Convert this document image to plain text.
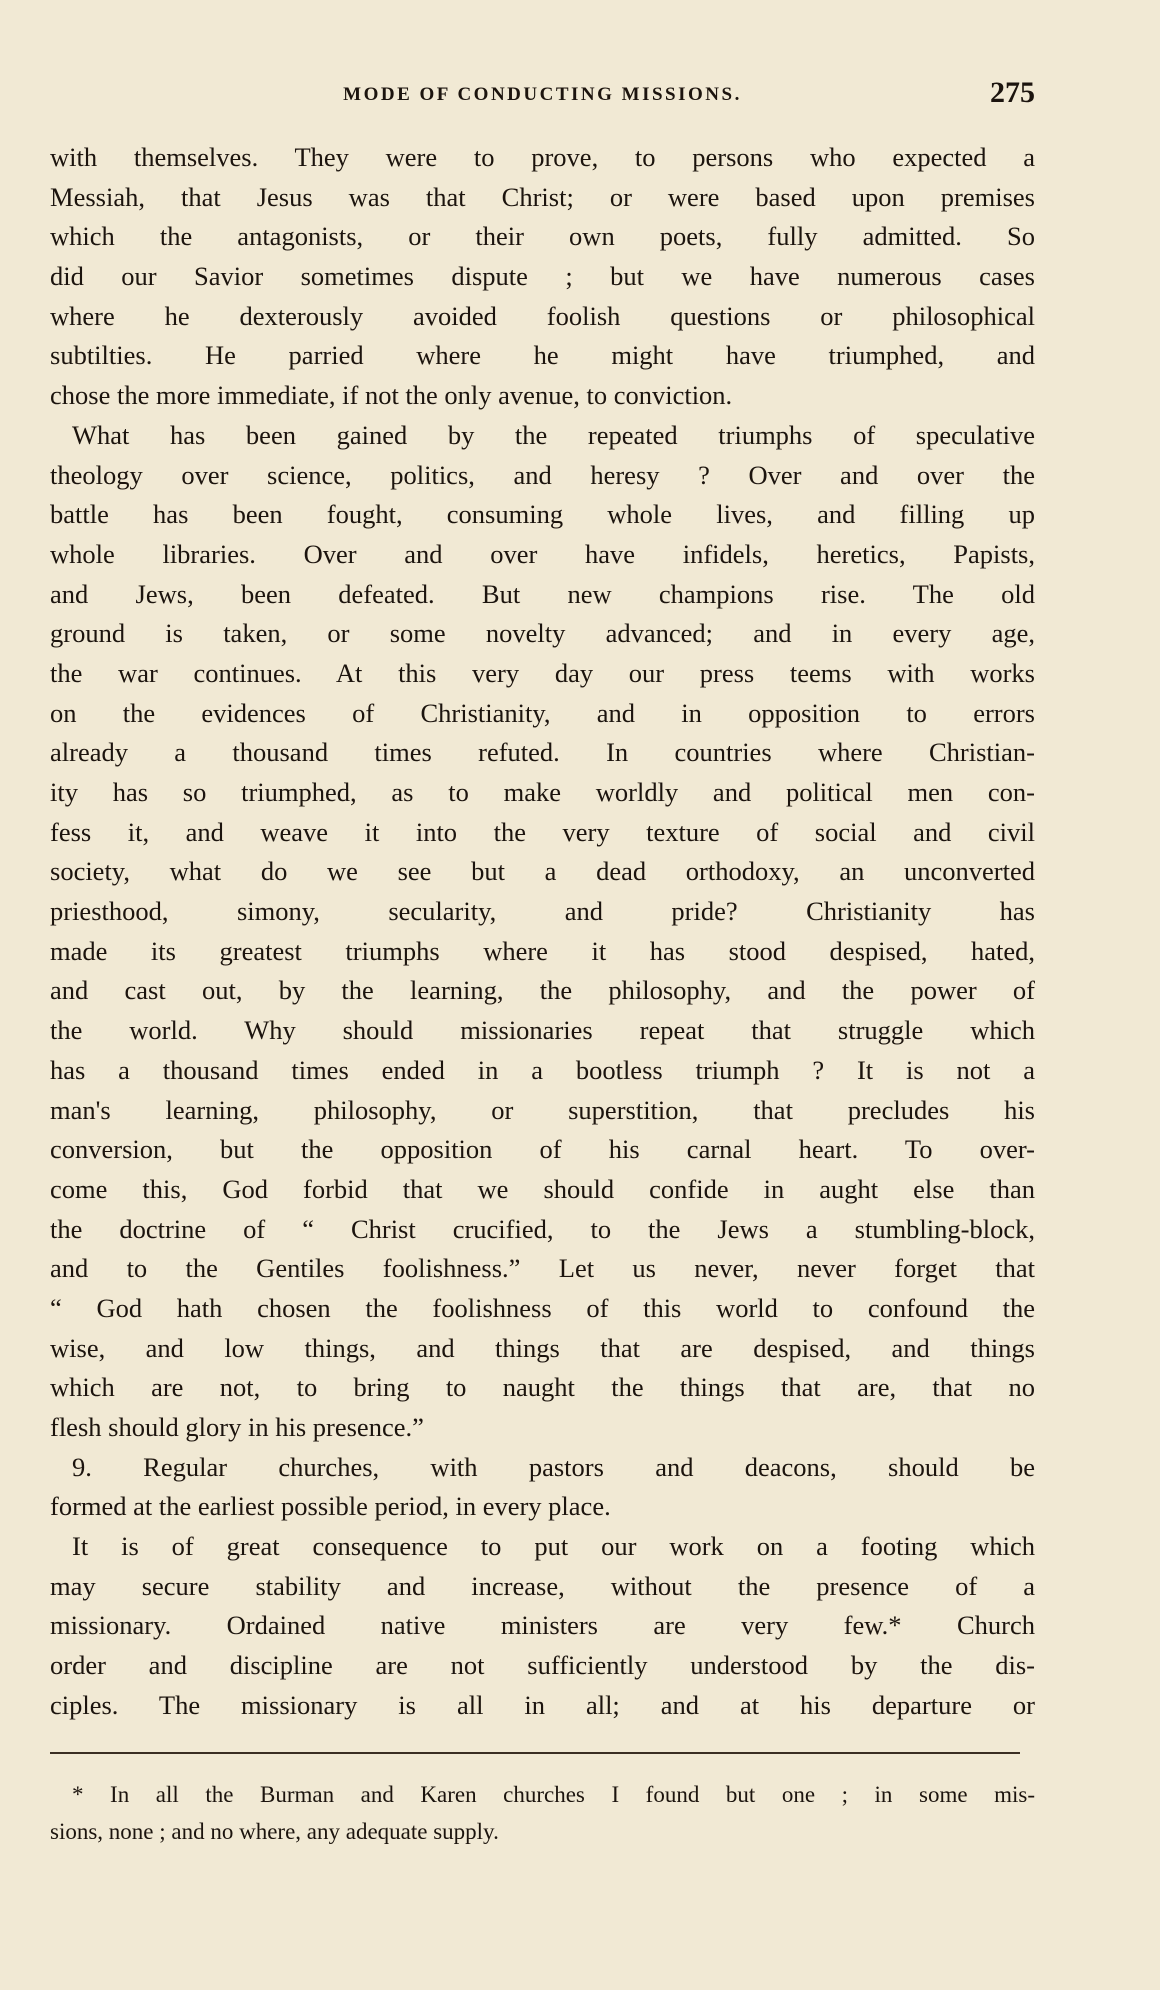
MODE OF CONDUCTING MISSIONS.	275
with themselves. They were to prove, to persons who expected a
Messiah, that Jesus was that Christ; or were based upon premises
which the antagonists, or their own poets, fully admitted. So
did our Savior sometimes dispute ; but we have numerous cases
where he dexterously avoided foolish questions or philosophical
subtilties. He parried where he might have triumphed, and
chose the more immediate, if not the only avenue, to conviction.
What has been gained by the repeated triumphs of speculative
theology over science, politics, and heresy ? Over and over the
battle has been fought, consuming whole lives, and filling up
whole libraries. Over and over have infidels, heretics, Papists,
and Jews, been defeated. But new champions rise. The old
ground is taken, or some novelty advanced; and in every age,
the war continues. At this very day our press teems with works
on the evidences of Christianity, and in opposition to errors
already a thousand times refuted. In countries where Christian-
ity has so triumphed, as to make worldly and political men con-
fess it, and weave it into the very texture of social and civil
society, what do we see but a dead orthodoxy, an unconverted
priesthood, simony, secularity, and pride? Christianity has
made its greatest triumphs where it has stood despised, hated,
and cast out, by the learning, the philosophy, and the power of
the world. Why should missionaries repeat that struggle which
has a thousand times ended in a bootless triumph ? It is not a
man's learning, philosophy, or superstition, that precludes his
conversion, but the opposition of his carnal heart. To over-
come this, God forbid that we should confide in aught else than
the doctrine of “ Christ crucified, to the Jews a stumbling-block,
and to the Gentiles foolishness.” Let us never, never forget that
“ God hath chosen the foolishness of this world to confound the
wise, and low things, and things that are despised, and things
which are not, to bring to naught the things that are, that no
flesh should glory in his presence.”
9. Regular churches, with pastors and deacons, should be
formed at the earliest possible period, in every place.
It is of great consequence to put our work on a footing which
may secure stability and increase, without the presence of a
missionary. Ordained native ministers are very few.* Church
order and discipline are not sufficiently understood by the dis-
ciples. The missionary is all in all; and at his departure or
* In all the Burman and Karen churches I found but one ; in some mis-
sions, none ; and no where, any adequate supply.
